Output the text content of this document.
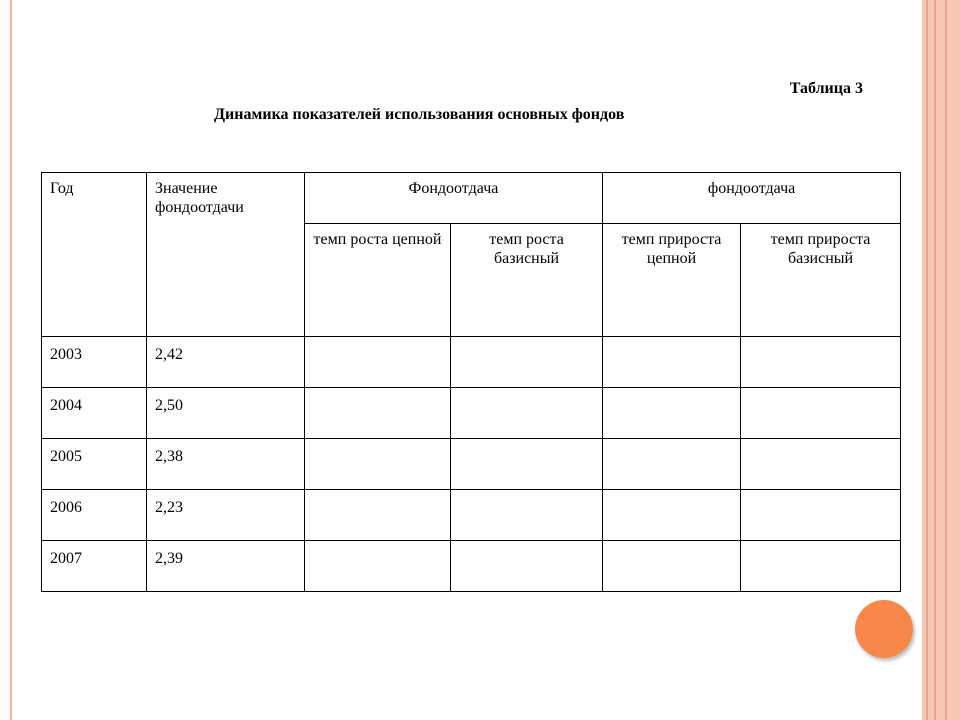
Таблица 3
Динамика показателей использования основных фондов
Год	Значение фондоотдачи	Фондоотдача		фондоотдача	
		темп роста цепной	темп роста базисный	темп прироста цепной	темп прироста базисный
2003	2,42				
2004	2,50				
2005	2,38				
2006	2,23				
2007	2,39				
